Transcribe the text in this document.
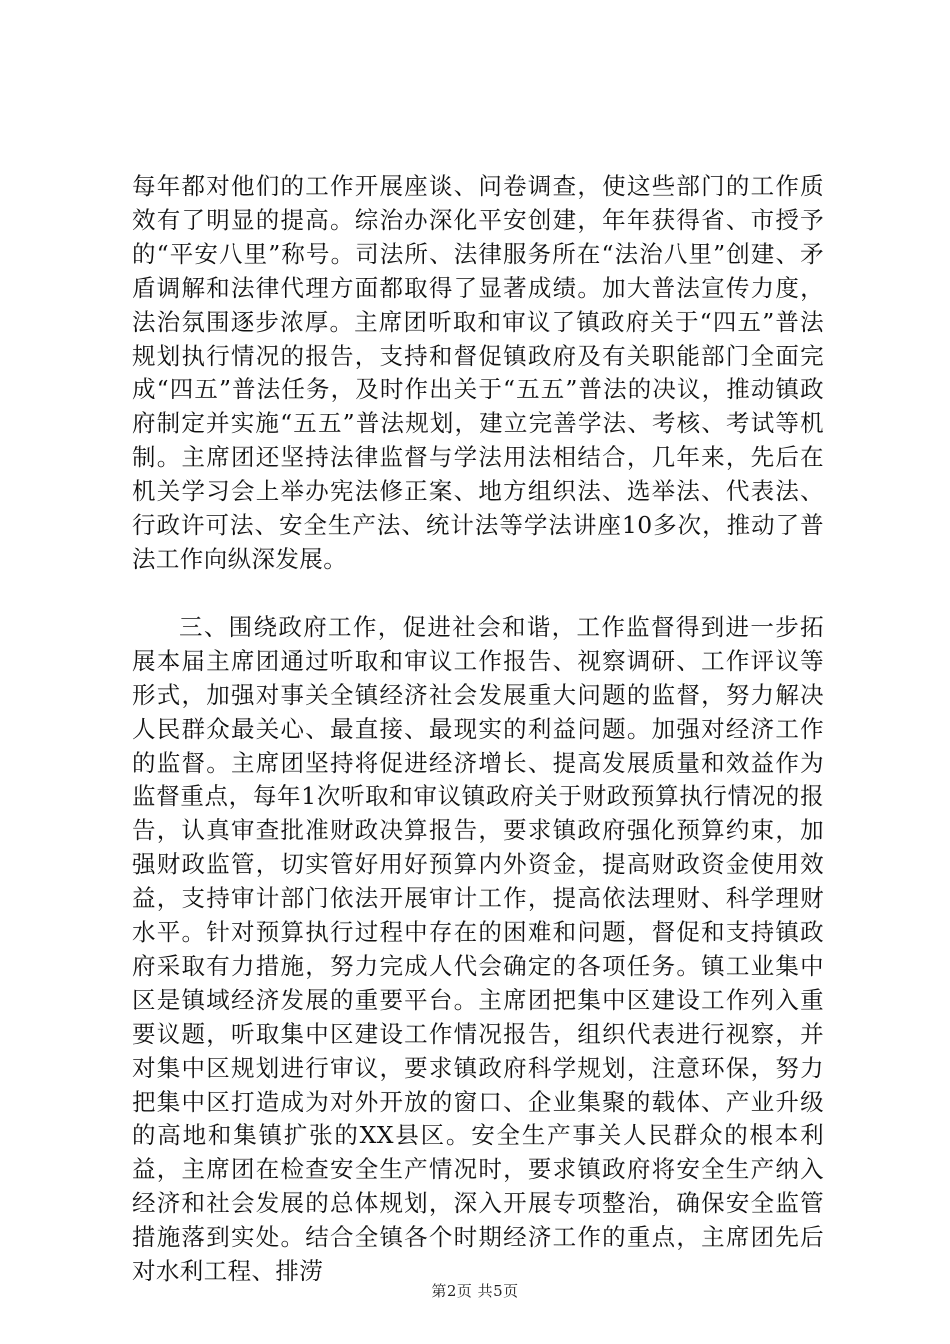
每年都对他们的工作开展座谈、问卷调查，使这些部门的工作质效有了明显的提高。综治办深化平安创建，年年获得省、市授予的“平安八里”称号。司法所、法律服务所在“法治八里”创建、矛盾调解和法律代理方面都取得了显著成绩。加大普法宣传力度，法治氛围逐步浓厚。主席团听取和审议了镇政府关于“四五”普法规划执行情况的报告，支持和督促镇政府及有关职能部门全面完成“四五”普法任务，及时作出关于“五五”普法的决议，推动镇政府制定并实施“五五”普法规划，建立完善学法、考核、考试等机制。主席团还坚持法律监督与学法用法相结合，几年来，先后在机关学习会上举办宪法修正案、地方组织法、选举法、代表法、行政许可法、安全生产法、统计法等学法讲座10多次，推动了普法工作向纵深发展。

三、围绕政府工作，促进社会和谐，工作监督得到进一步拓展本届主席团通过听取和审议工作报告、视察调研、工作评议等形式，加强对事关全镇经济社会发展重大问题的监督，努力解决人民群众最关心、最直接、最现实的利益问题。加强对经济工作的监督。主席团坚持将促进经济增长、提高发展质量和效益作为监督重点，每年1次听取和审议镇政府关于财政预算执行情况的报告，认真审查批准财政决算报告，要求镇政府强化预算约束，加强财政监管，切实管好用好预算内外资金，提高财政资金使用效益，支持审计部门依法开展审计工作，提高依法理财、科学理财水平。针对预算执行过程中存在的困难和问题，督促和支持镇政府采取有力措施，努力完成人代会确定的各项任务。镇工业集中区是镇域经济发展的重要平台。主席团把集中区建设工作列入重要议题，听取集中区建设工作情况报告，组织代表进行视察，并对集中区规划进行审议，要求镇政府科学规划，注意环保，努力把集中区打造成为对外开放的窗口、企业集聚的载体、产业升级的高地和集镇扩张的XX县区。安全生产事关人民群众的根本利益，主席团在检查安全生产情况时，要求镇政府将安全生产纳入经济和社会发展的总体规划，深入开展专项整治，确保安全监管措施落到实处。结合全镇各个时期经济工作的重点，主席团先后对水利工程、排涝

第2页 共5页
